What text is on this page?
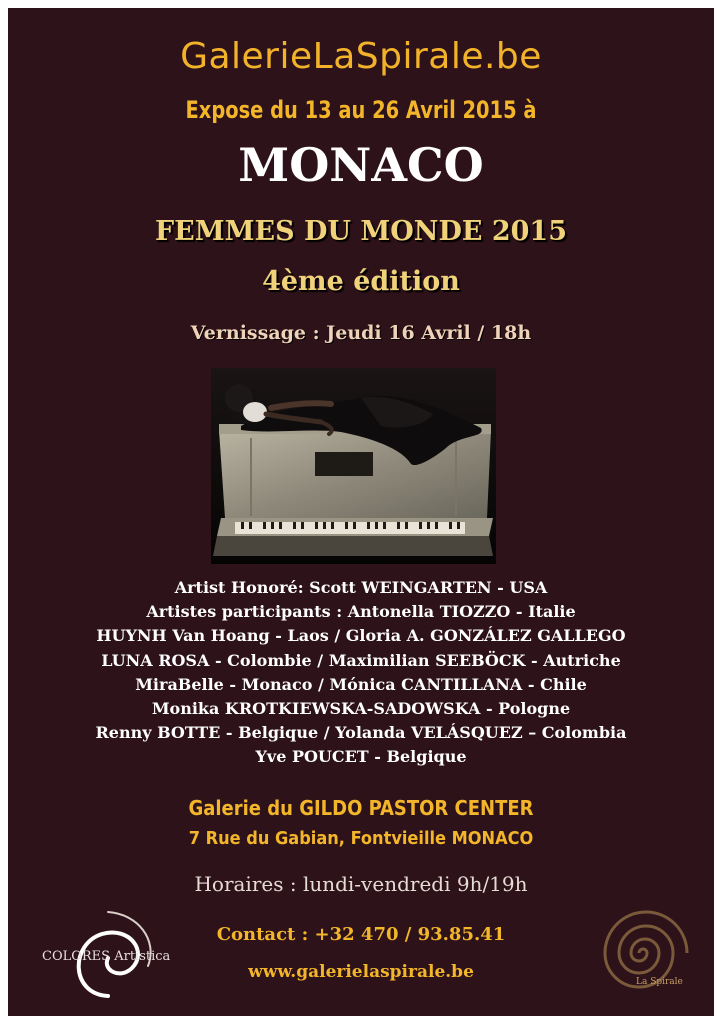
GalerieLaSpirale.be
Expose du 13 au 26 Avril 2015 à
MONACO
FEMMES DU MONDE 2015
4ème édition
Vernissage : Jeudi 16 Avril / 18h
Artist Honoré: Scott WEINGARTEN - USA
Artistes participants : Antonella TIOZZO - Italie
HUYNH Van Hoang - Laos / Gloria A. GONZÁLEZ GALLEGO
LUNA ROSA - Colombie / Maximilian SEEBÖCK - Autriche
MiraBelle - Monaco / Mónica CANTILLANA - Chile
Monika KROTKIEWSKA-SADOWSKA - Pologne
Renny BOTTE - Belgique / Yolanda VELÁSQUEZ – Colombia
Yve POUCET - Belgique
Galerie du GILDO PASTOR CENTER
7 Rue du Gabian, Fontvieille MONACO
Horaires : lundi-vendredi 9h/19h
Contact : +32 470 / 93.85.41
www.galerielaspirale.be
COLORES Artística
La Spirale
